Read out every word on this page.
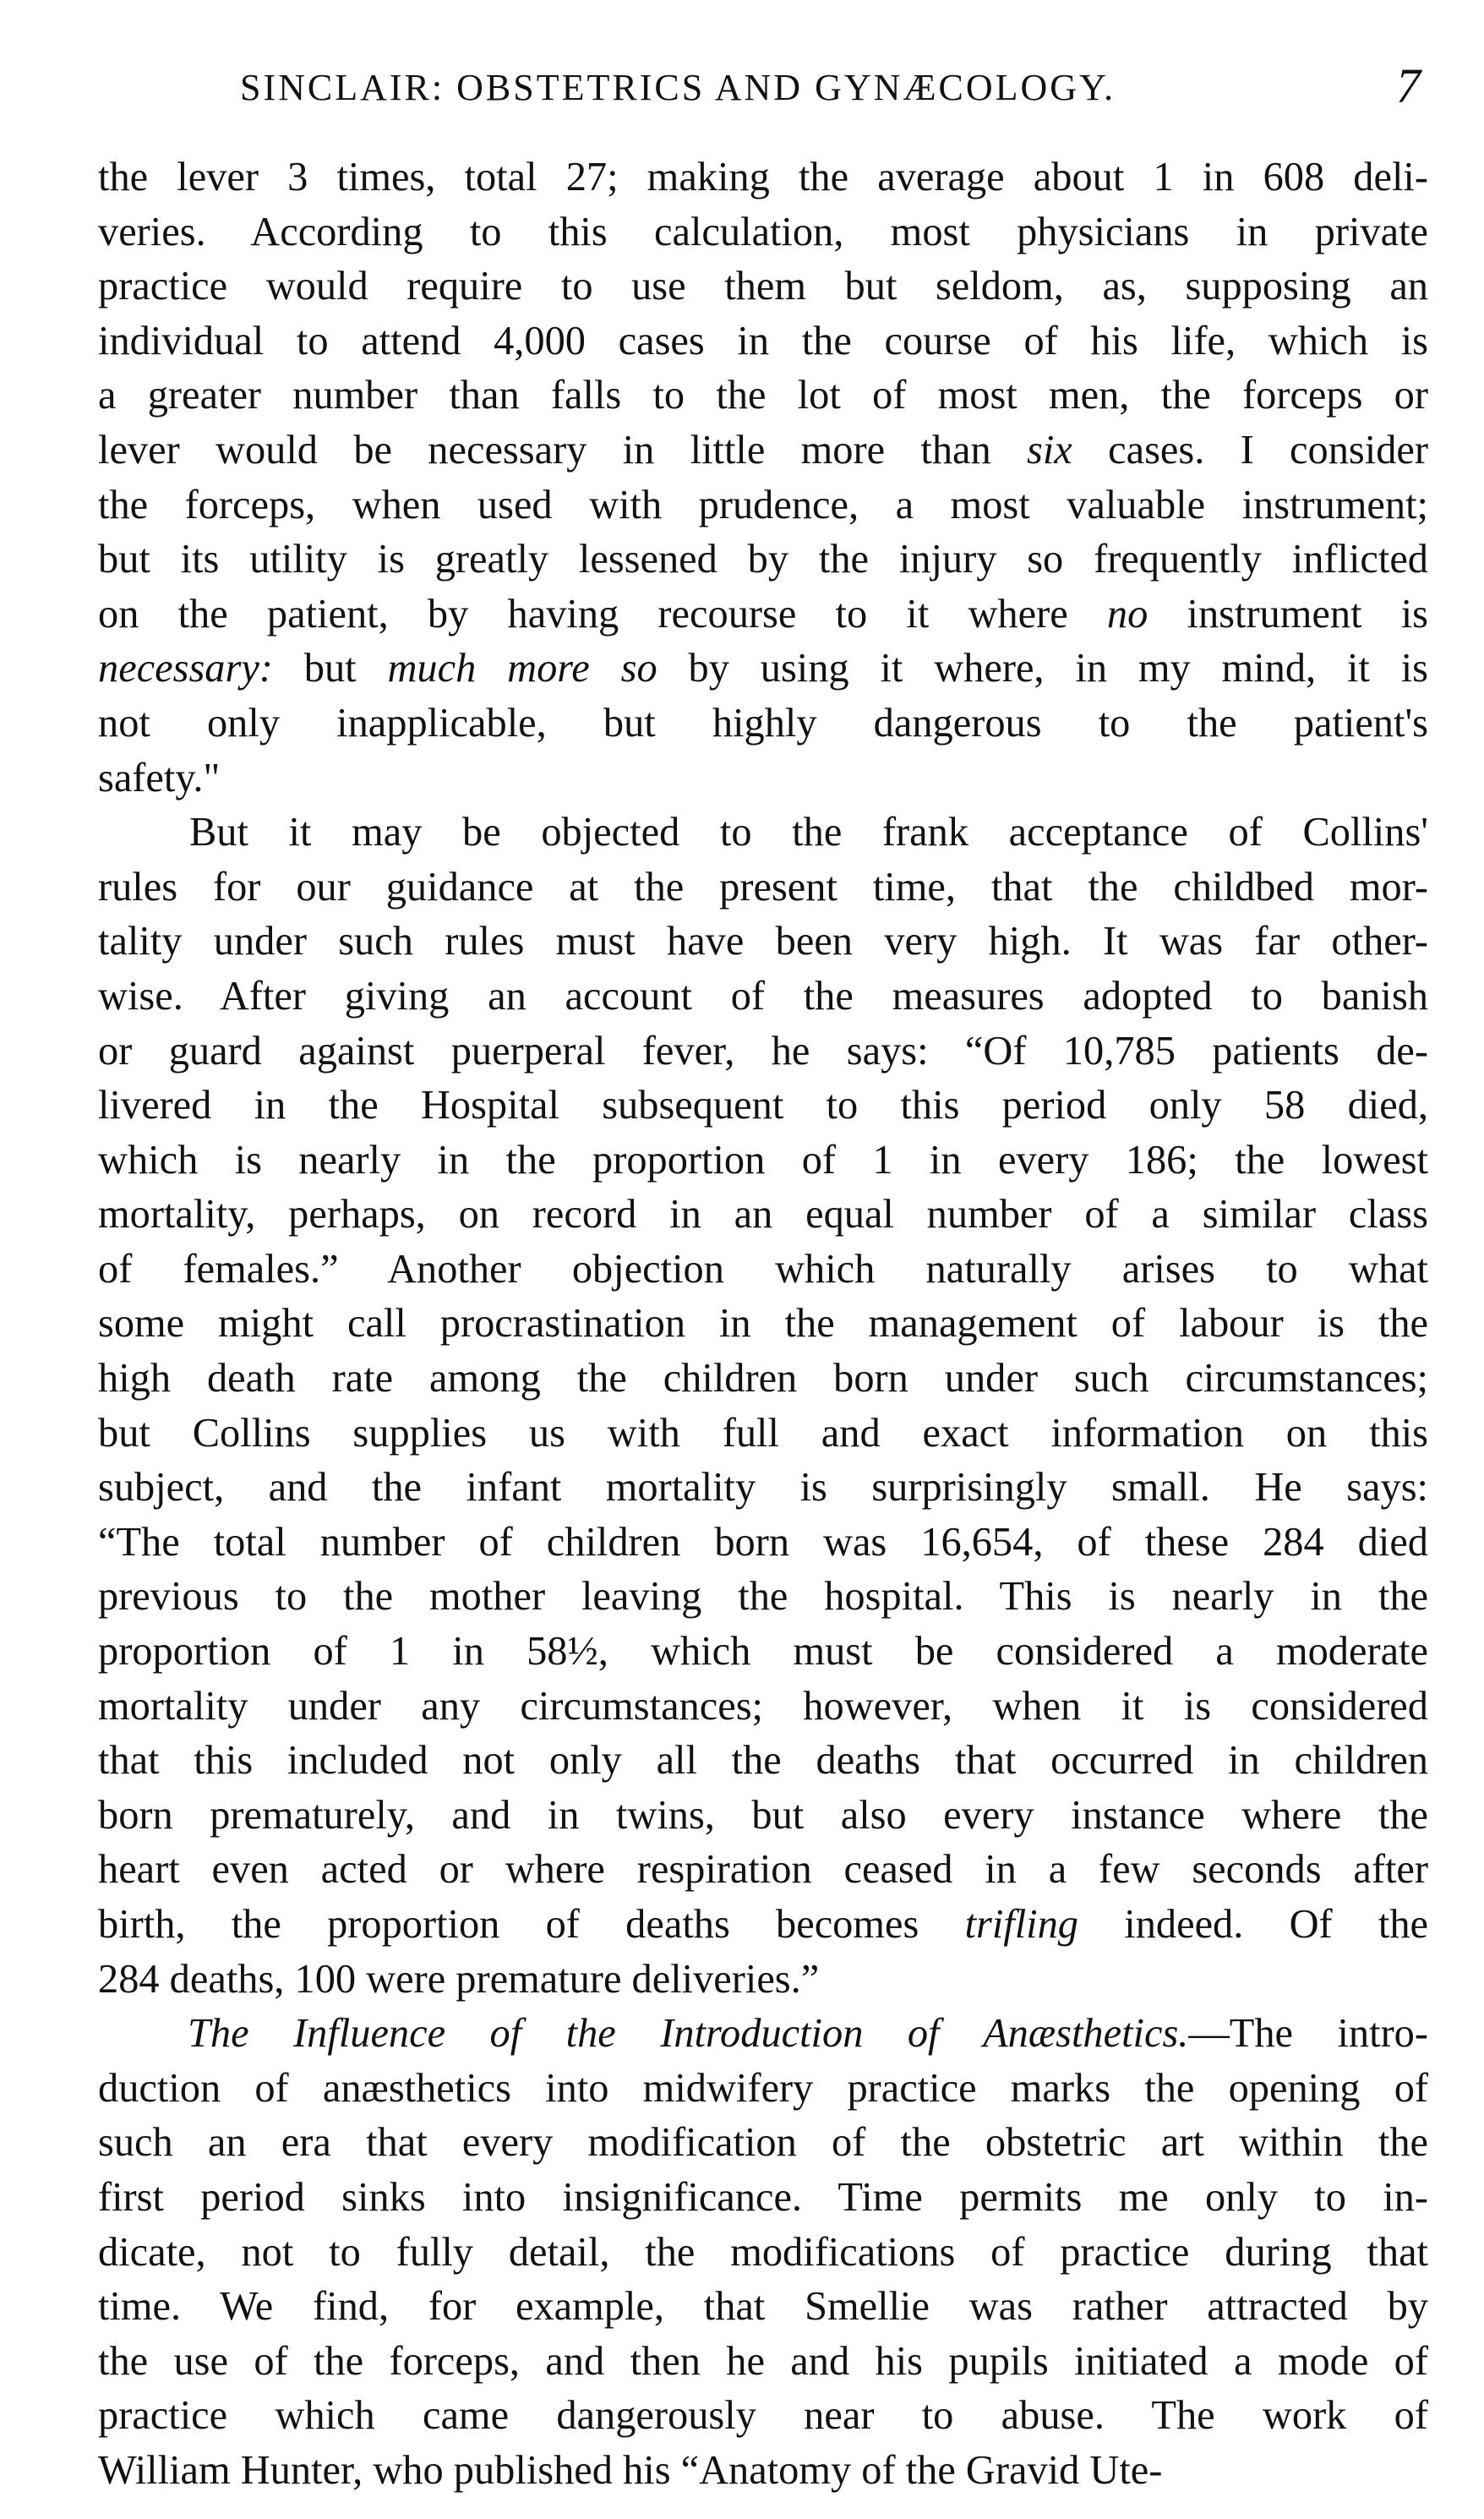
SINCLAIR: OBSTETRICS AND GYNÆCOLOGY.	7
the lever 3 times, total 27; making the average about 1 in 608 deli-
veries. According to this calculation, most physicians in private
practice would require to use them but seldom, as, supposing an
individual to attend 4,000 cases in the course of his life, which is
a greater number than falls to the lot of most men, the forceps or
lever would be necessary in little more than six cases. I consider
the forceps, when used with prudence, a most valuable instrument;
but its utility is greatly lessened by the injury so frequently inflicted
on the patient, by having recourse to it where no instrument is
necessary: but much more so by using it where, in my mind, it is
not only inapplicable, but highly dangerous to the patient's
safety."
But it may be objected to the frank acceptance of Collins'
rules for our guidance at the present time, that the childbed mor-
tality under such rules must have been very high. It was far other-
wise. After giving an account of the measures adopted to banish
or guard against puerperal fever, he says: “Of 10,785 patients de-
livered in the Hospital subsequent to this period only 58 died,
which is nearly in the proportion of 1 in every 186; the lowest
mortality, perhaps, on record in an equal number of a similar class
of females.” Another objection which naturally arises to what
some might call procrastination in the management of labour is the
high death rate among the children born under such circumstances;
but Collins supplies us with full and exact information on this
subject, and the infant mortality is surprisingly small. He says:
“The total number of children born was 16,654, of these 284 died
previous to the mother leaving the hospital. This is nearly in the
proportion of 1 in 58½, which must be considered a moderate
mortality under any circumstances; however, when it is considered
that this included not only all the deaths that occurred in children
born prematurely, and in twins, but also every instance where the
heart even acted or where respiration ceased in a few seconds after
birth, the proportion of deaths becomes trifling indeed. Of the
284 deaths, 100 were premature deliveries.”
The Influence of the Introduction of Anæsthetics.—The intro-
duction of anæsthetics into midwifery practice marks the opening of
such an era that every modification of the obstetric art within the
first period sinks into insignificance. Time permits me only to in-
dicate, not to fully detail, the modifications of practice during that
time. We find, for example, that Smellie was rather attracted by
the use of the forceps, and then he and his pupils initiated a mode of
practice which came dangerously near to abuse. The work of
William Hunter, who published his “Anatomy of the Gravid Ute-
